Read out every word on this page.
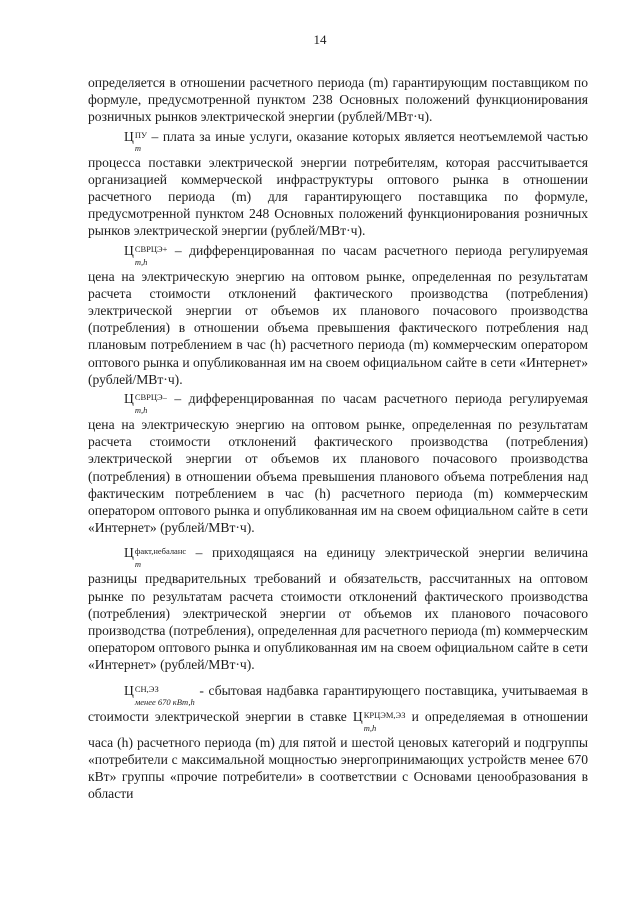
14

определяется в отношении расчетного периода (m) гарантирующим поставщиком по формуле, предусмотренной пунктом 238 Основных положений функционирования розничных рынков электрической энергии (рублей/МВт·ч).

Ц ПУ
m
– плата за иные услуги, оказание которых является неотъемлемой частью процесса поставки электрической энергии потребителям, которая рассчитывается организацией коммерческой инфраструктуры оптового рынка в отношении расчетного периода (m) для гарантирующего поставщика по формуле, предусмотренной пунктом 248 Основных положений функционирования розничных рынков электрической энергии (рублей/МВт·ч).

Ц СВРЦЭ+
m,h
– дифференцированная по часам расчетного периода регулируемая цена на электрическую энергию на оптовом рынке, определенная по результатам расчета стоимости отклонений фактического производства (потребления) электрической энергии от объемов их планового почасового производства (потребления) в отношении объема превышения фактического потребления над плановым потреблением в час (h) расчетного периода (m) коммерческим оператором оптового рынка и опубликованная им на своем официальном сайте в сети «Интернет» (рублей/МВт·ч).

Ц СВРЦЭ–
m,h
– дифференцированная по часам расчетного периода регулируемая цена на электрическую энергию на оптовом рынке, определенная по результатам расчета стоимости отклонений фактического производства (потребления) электрической энергии от объемов их планового почасового производства (потребления) в отношении объема превышения планового объема потребления над фактическим потреблением в час (h) расчетного периода (m) коммерческим оператором оптового рынка и опубликованная им на своем официальном сайте в сети «Интернет» (рублей/МВт·ч).

Ц факт,небаланс
m
– приходящаяся на единицу электрической энергии величина разницы предварительных требований и обязательств, рассчитанных на оптовом рынке по результатам расчета стоимости отклонений фактического производства (потребления) электрической энергии от объемов их планового почасового производства (потребления), определенная для расчетного периода (m) коммерческим оператором оптового рынка и опубликованная им на своем официальном сайте в сети «Интернет» (рублей/МВт·ч).

Ц СН,ЭЗ
менее 670 кВт,h
- сбытовая надбавка гарантирующего поставщика, учитываемая в стоимости электрической энергии в ставке Ц КРЦЭМ,ЭЗ
m,h
и определяемая в отношении часа (h) расчетного периода (m) для пятой и шестой ценовых категорий и подгруппы «потребители с максимальной мощностью энергопринимающих устройств менее 670 кВт» группы «прочие потребители» в соответствии с Основами ценообразования в области
